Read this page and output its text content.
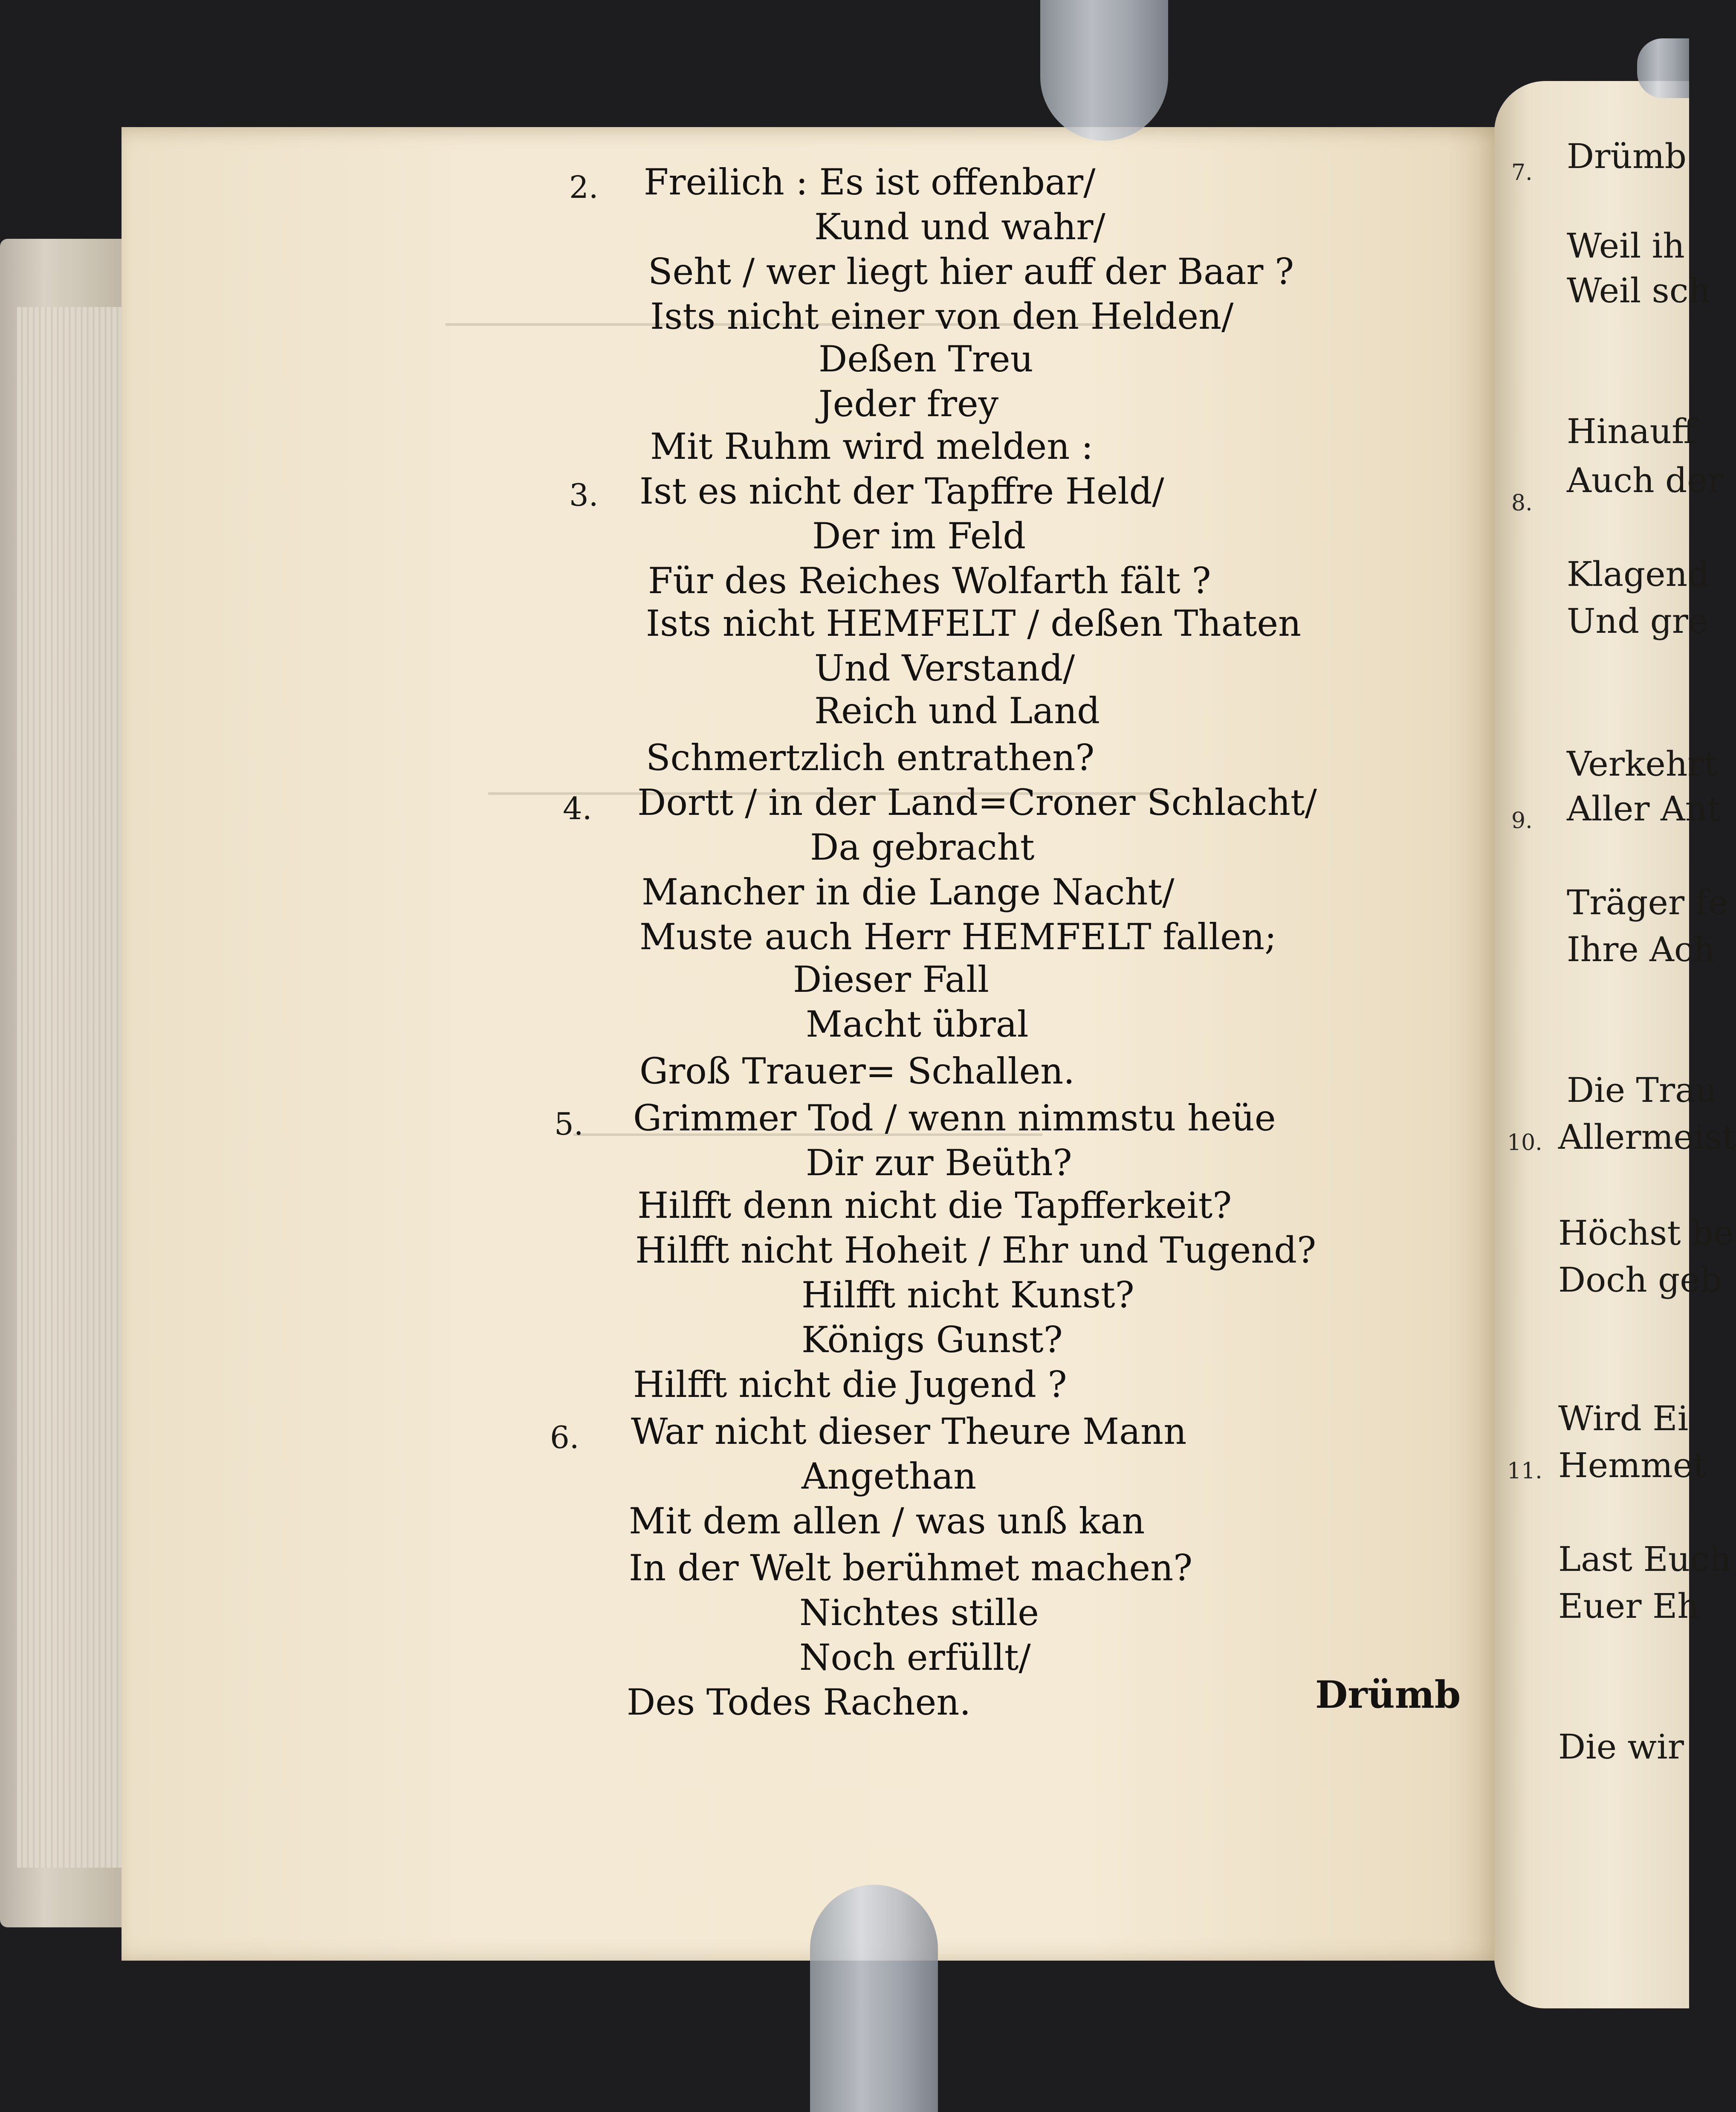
2. Freilich : Es ist offenbar/
Kund und wahr/
Seht / wer liegt hier auff der Baar ?
Ists nicht einer von den Helden/
Deßen Treu
Jeder frey
Mit Ruhm wird melden :
3. Ist es nicht der Tapffre Held/
Der im Feld
Für des Reiches Wolfarth fält ?
Ists nicht HEMFELT / deßen Thaten
Und Verstand/
Reich und Land
Schmertzlich entrathen?
4. Dortt / in der Land=Croner Schlacht/
Da gebracht
Mancher in die Lange Nacht/
Muste auch Herr HEMFELT fallen;
Dieser Fall
Macht übral
Groß Trauer= Schallen.
5. Grimmer Tod / wenn nimmstu heüe
Dir zur Beüth?
Hilfft denn nicht die Tapfferkeit?
Hilfft nicht Hoheit / Ehr und Tugend?
Hilfft nicht Kunst?
Königs Gunst?
Hilfft nicht die Jugend ?
6. War nicht dieser Theure Mann
Angethan
Mit dem allen / was unß kan
In der Welt berühmet machen?
Nichtes stille
Noch erfüllt/
Des Todes Rachen.	Drümb
7. Drümb
Weil ih
Weil sch
Hinauff
8.
Auch der
Klagend
Und gre
Verkehrt
9. Aller Ant
Träger fe
Ihre Ach
Die Trau
10. Allermeist
Höchst be
Doch geb
Wird Ei
11. Hemmet
Last Euch
Euer Eh
Die wir
